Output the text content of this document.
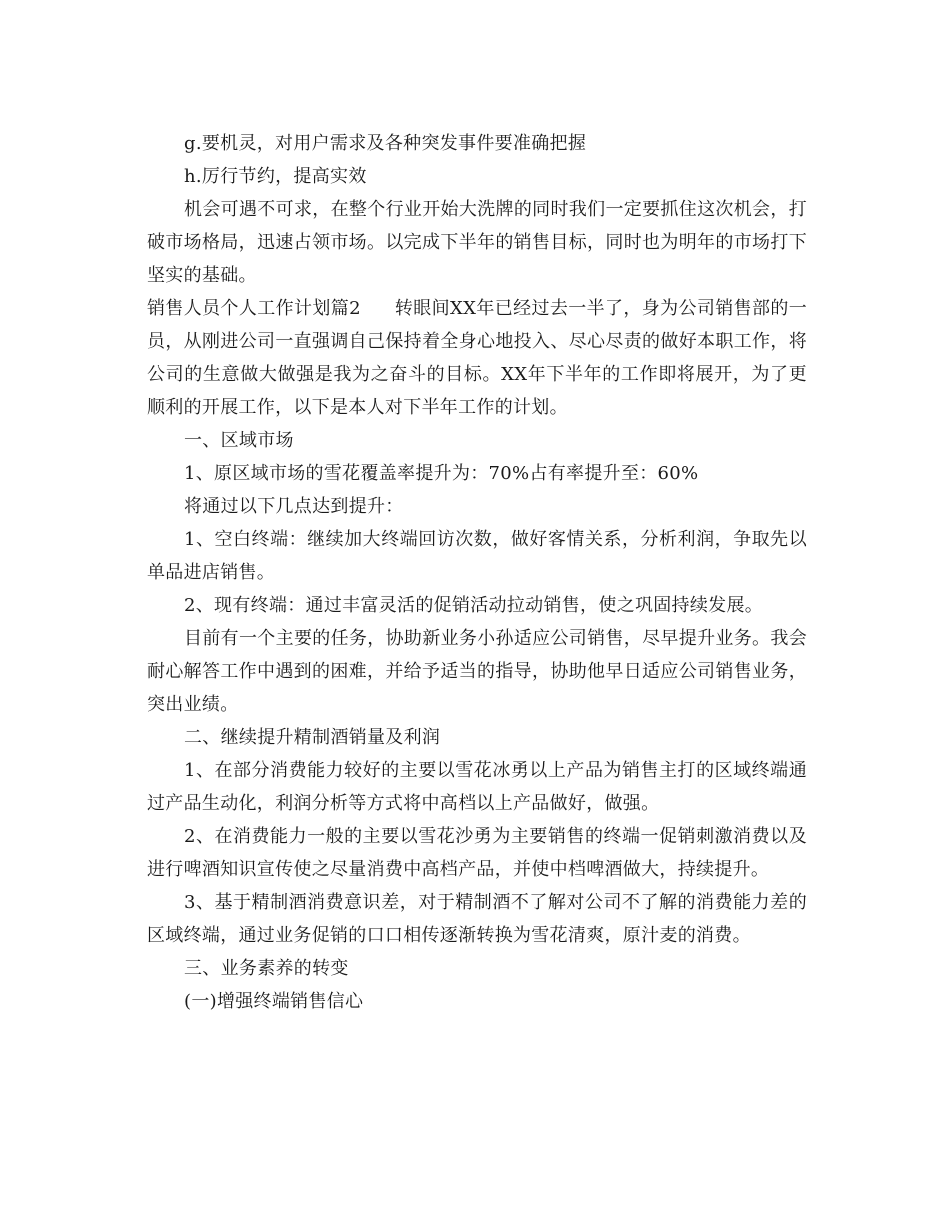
g.要机灵，对用户需求及各种突发事件要准确把握

h.厉行节约，提高实效

机会可遇不可求，在整个行业开始大洗牌的同时我们一定要抓住这次机会，打破市场格局，迅速占领市场。以完成下半年的销售目标，同时也为明年的市场打下坚实的基础。

销售人员个人工作计划篇2 转眼间XX年已经过去一半了，身为公司销售部的一员，从刚进公司一直强调自己保持着全身心地投入、尽心尽责的做好本职工作，将公司的生意做大做强是我为之奋斗的目标。XX年下半年的工作即将展开，为了更顺利的开展工作，以下是本人对下半年工作的计划。

一、区域市场

1、原区域市场的雪花覆盖率提升为：70%占有率提升至：60%

将通过以下几点达到提升：

1、空白终端：继续加大终端回访次数，做好客情关系，分析利润，争取先以单品进店销售。

2、现有终端：通过丰富灵活的促销活动拉动销售，使之巩固持续发展。

目前有一个主要的任务，协助新业务小孙适应公司销售，尽早提升业务。我会耐心解答工作中遇到的困难，并给予适当的指导，协助他早日适应公司销售业务，突出业绩。

二、继续提升精制酒销量及利润

1、在部分消费能力较好的主要以雪花冰勇以上产品为销售主打的区域终端通过产品生动化，利润分析等方式将中高档以上产品做好，做强。

2、在消费能力一般的主要以雪花沙勇为主要销售的终端一促销刺激消费以及进行啤酒知识宣传使之尽量消费中高档产品，并使中档啤酒做大，持续提升。

3、基于精制酒消费意识差，对于精制酒不了解对公司不了解的消费能力差的区域终端，通过业务促销的口口相传逐渐转换为雪花清爽，原汁麦的消费。

三、业务素养的转变

(一)增强终端销售信心
